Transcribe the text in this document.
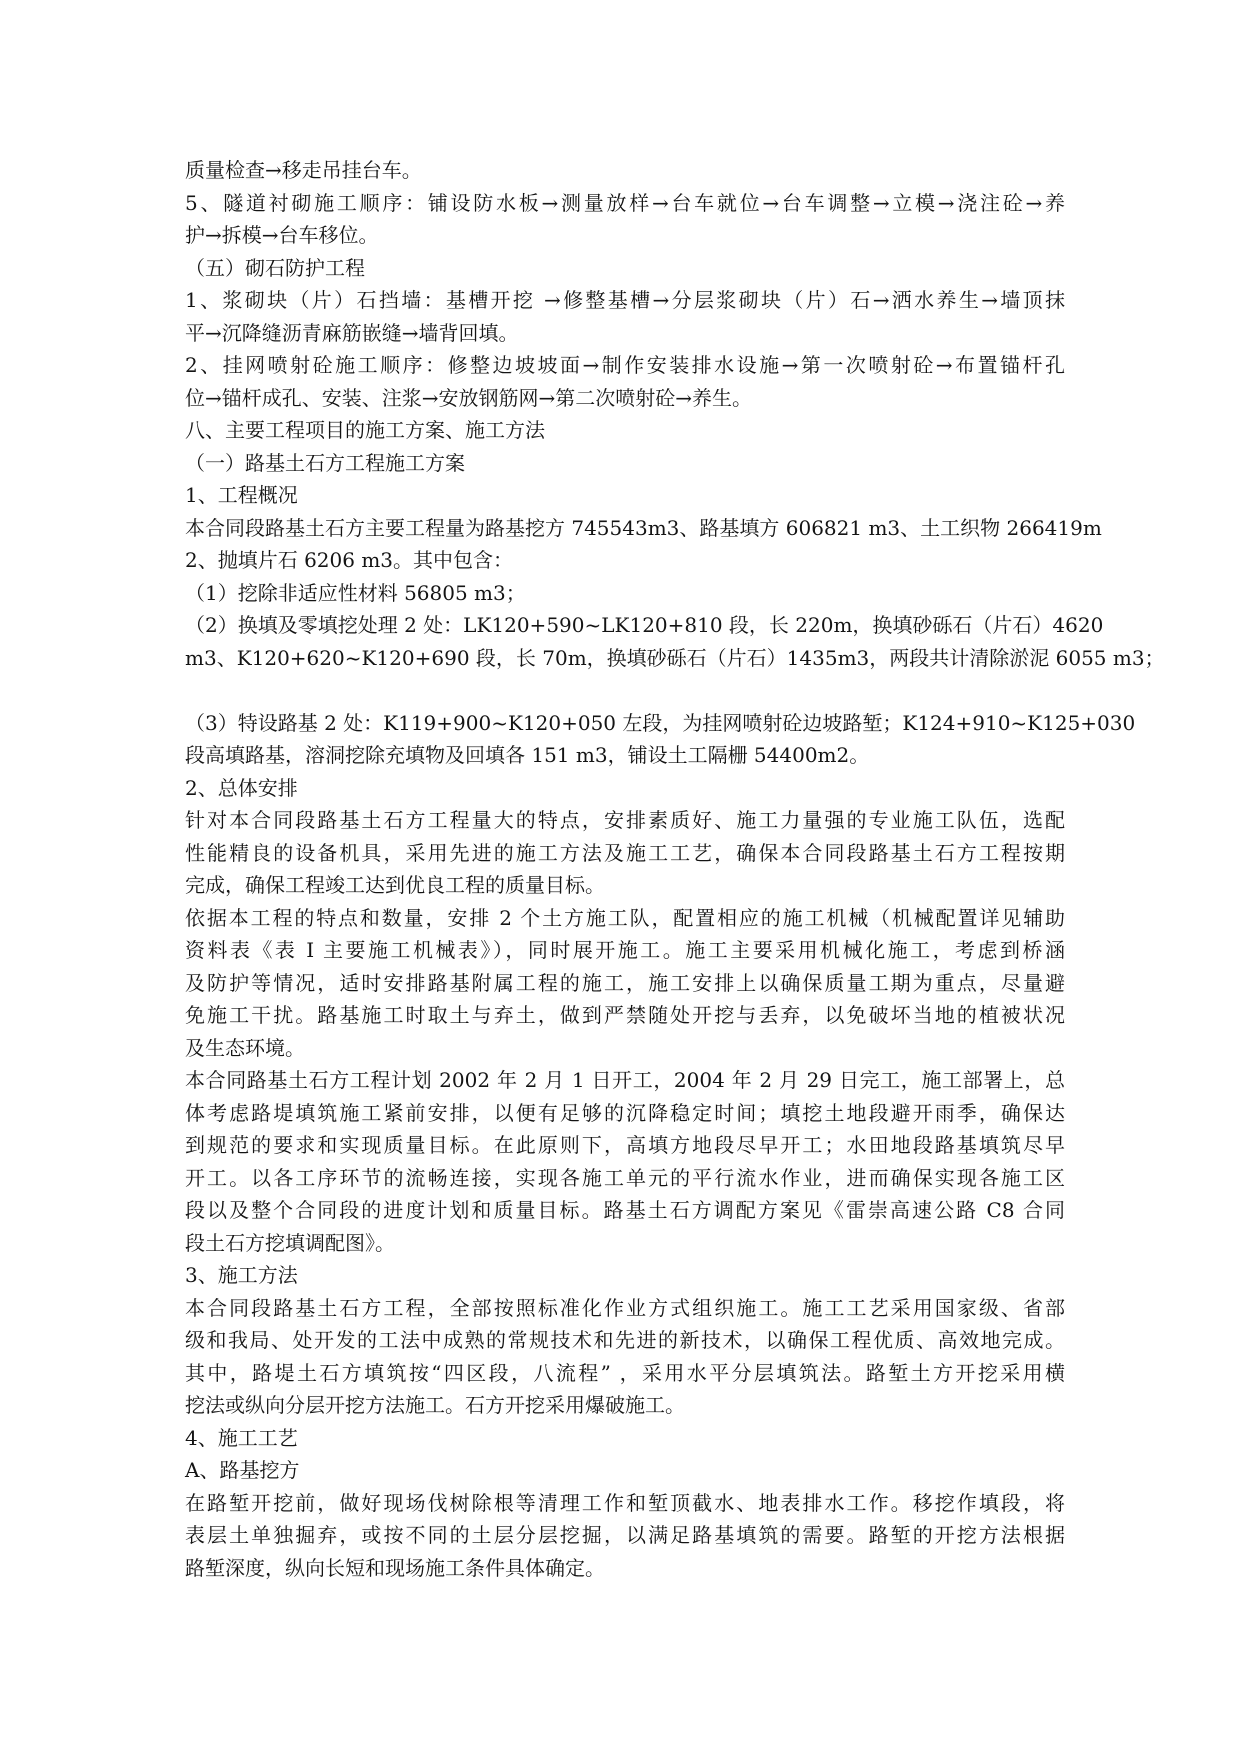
质量检查→移走吊挂台车。
5、隧道衬砌施工顺序：铺设防水板→测量放样→台车就位→台车调整→立模→浇注砼→养
护→拆模→台车移位。
（五）砌石防护工程
1、浆砌块（片）石挡墙：基槽开挖 →修整基槽→分层浆砌块（片）石→洒水养生→墙顶抹
平→沉降缝沥青麻筋嵌缝→墙背回填。
2、挂网喷射砼施工顺序：修整边坡坡面→制作安装排水设施→第一次喷射砼→布置锚杆孔
位→锚杆成孔、安装、注浆→安放钢筋网→第二次喷射砼→养生。
八、主要工程项目的施工方案、施工方法
（一）路基土石方工程施工方案
1、工程概况
本合同段路基土石方主要工程量为路基挖方 745543m3、路基填方 606821 m3、土工织物 266419m
2、抛填片石 6206 m3。其中包含：
（1）挖除非适应性材料 56805 m3；
（2）换填及零填挖处理 2 处：LK120+590~LK120+810 段，长 220m，换填砂砾石（片石）4620
m3、K120+620~K120+690 段，长 70m，换填砂砾石（片石）1435m3，两段共计清除淤泥 6055 m3；
（3）特设路基 2 处：K119+900~K120+050 左段，为挂网喷射砼边坡路堑；K124+910~K125+030
段高填路基，溶洞挖除充填物及回填各 151 m3，铺设土工隔栅 54400m2。
2、总体安排
针对本合同段路基土石方工程量大的特点，安排素质好、施工力量强的专业施工队伍，选配
性能精良的设备机具，采用先进的施工方法及施工工艺，确保本合同段路基土石方工程按期
完成，确保工程竣工达到优良工程的质量目标。
依据本工程的特点和数量，安排 2 个土方施工队，配置相应的施工机械（机械配置详见辅助
资料表《表 I 主要施工机械表》），同时展开施工。施工主要采用机械化施工，考虑到桥涵
及防护等情况，适时安排路基附属工程的施工，施工安排上以确保质量工期为重点，尽量避
免施工干扰。路基施工时取土与弃土，做到严禁随处开挖与丢弃，以免破坏当地的植被状况
及生态环境。
本合同路基土石方工程计划 2002 年 2 月 1 日开工，2004 年 2 月 29 日完工，施工部署上，总
体考虑路堤填筑施工紧前安排，以便有足够的沉降稳定时间；填挖土地段避开雨季，确保达
到规范的要求和实现质量目标。在此原则下，高填方地段尽早开工；水田地段路基填筑尽早
开工。以各工序环节的流畅连接，实现各施工单元的平行流水作业，进而确保实现各施工区
段以及整个合同段的进度计划和质量目标。路基土石方调配方案见《雷崇高速公路 C8 合同
段土石方挖填调配图》。
3、施工方法
本合同段路基土石方工程，全部按照标准化作业方式组织施工。施工工艺采用国家级、省部
级和我局、处开发的工法中成熟的常规技术和先进的新技术，以确保工程优质、高效地完成。
其中，路堤土石方填筑按“四区段，八流程” ，采用水平分层填筑法。路堑土方开挖采用横
挖法或纵向分层开挖方法施工。石方开挖采用爆破施工。
4、施工工艺
A、路基挖方
在路堑开挖前，做好现场伐树除根等清理工作和堑顶截水、地表排水工作。移挖作填段，将
表层土单独掘弃，或按不同的土层分层挖掘，以满足路基填筑的需要。路堑的开挖方法根据
路堑深度，纵向长短和现场施工条件具体确定。
